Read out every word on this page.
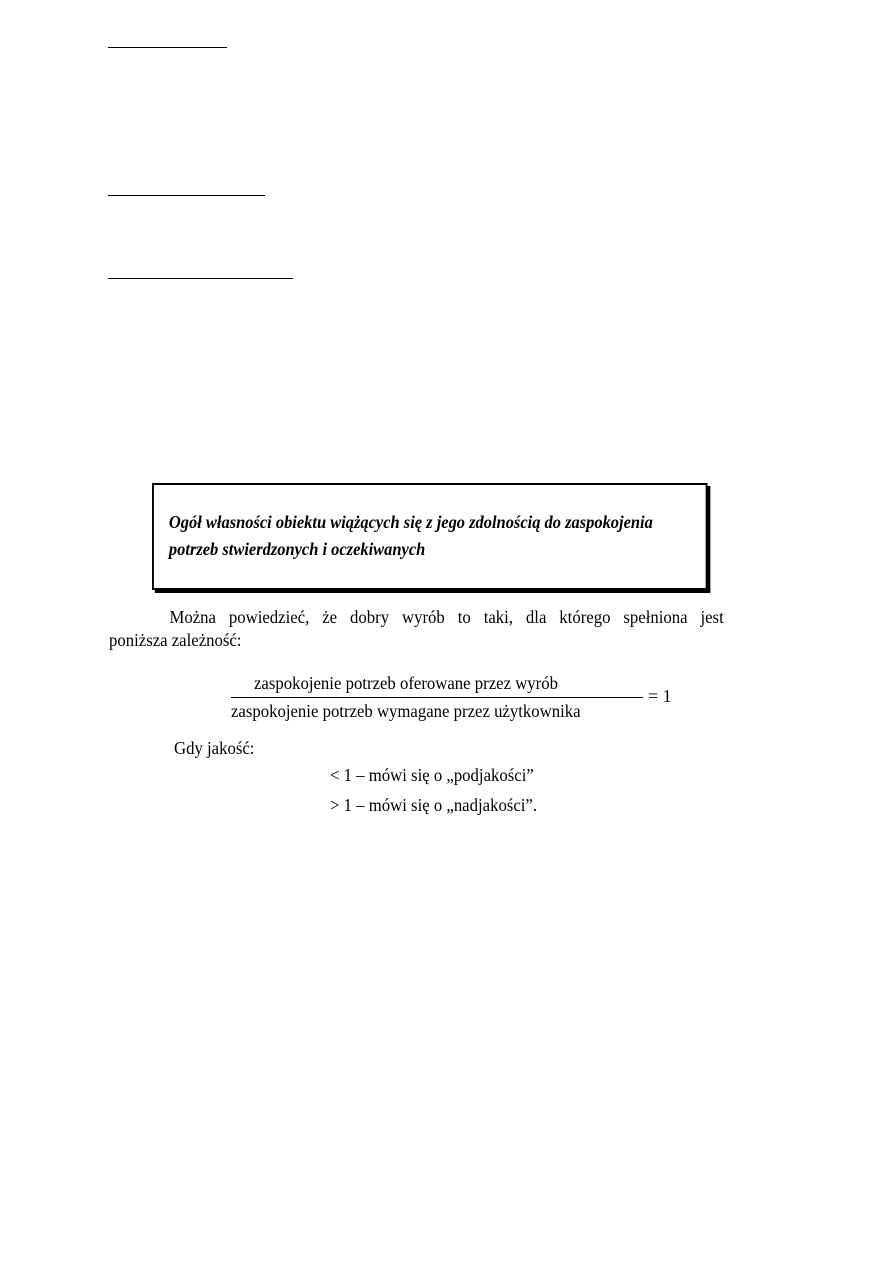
Ogół własności obiektu wiążących się z jego zdolnością do zaspokojenia
potrzeb stwierdzonych i oczekiwanych
Można powiedzieć, że dobry wyrób to taki, dla którego spełniona jest
poniższa zależność:
zaspokojenie potrzeb oferowane przez wyrób
zaspokojenie potrzeb wymagane przez użytkownika
= 1
Gdy jakość:
< 1 – mówi się o „podjakości”
> 1 – mówi się o „nadjakości”.
